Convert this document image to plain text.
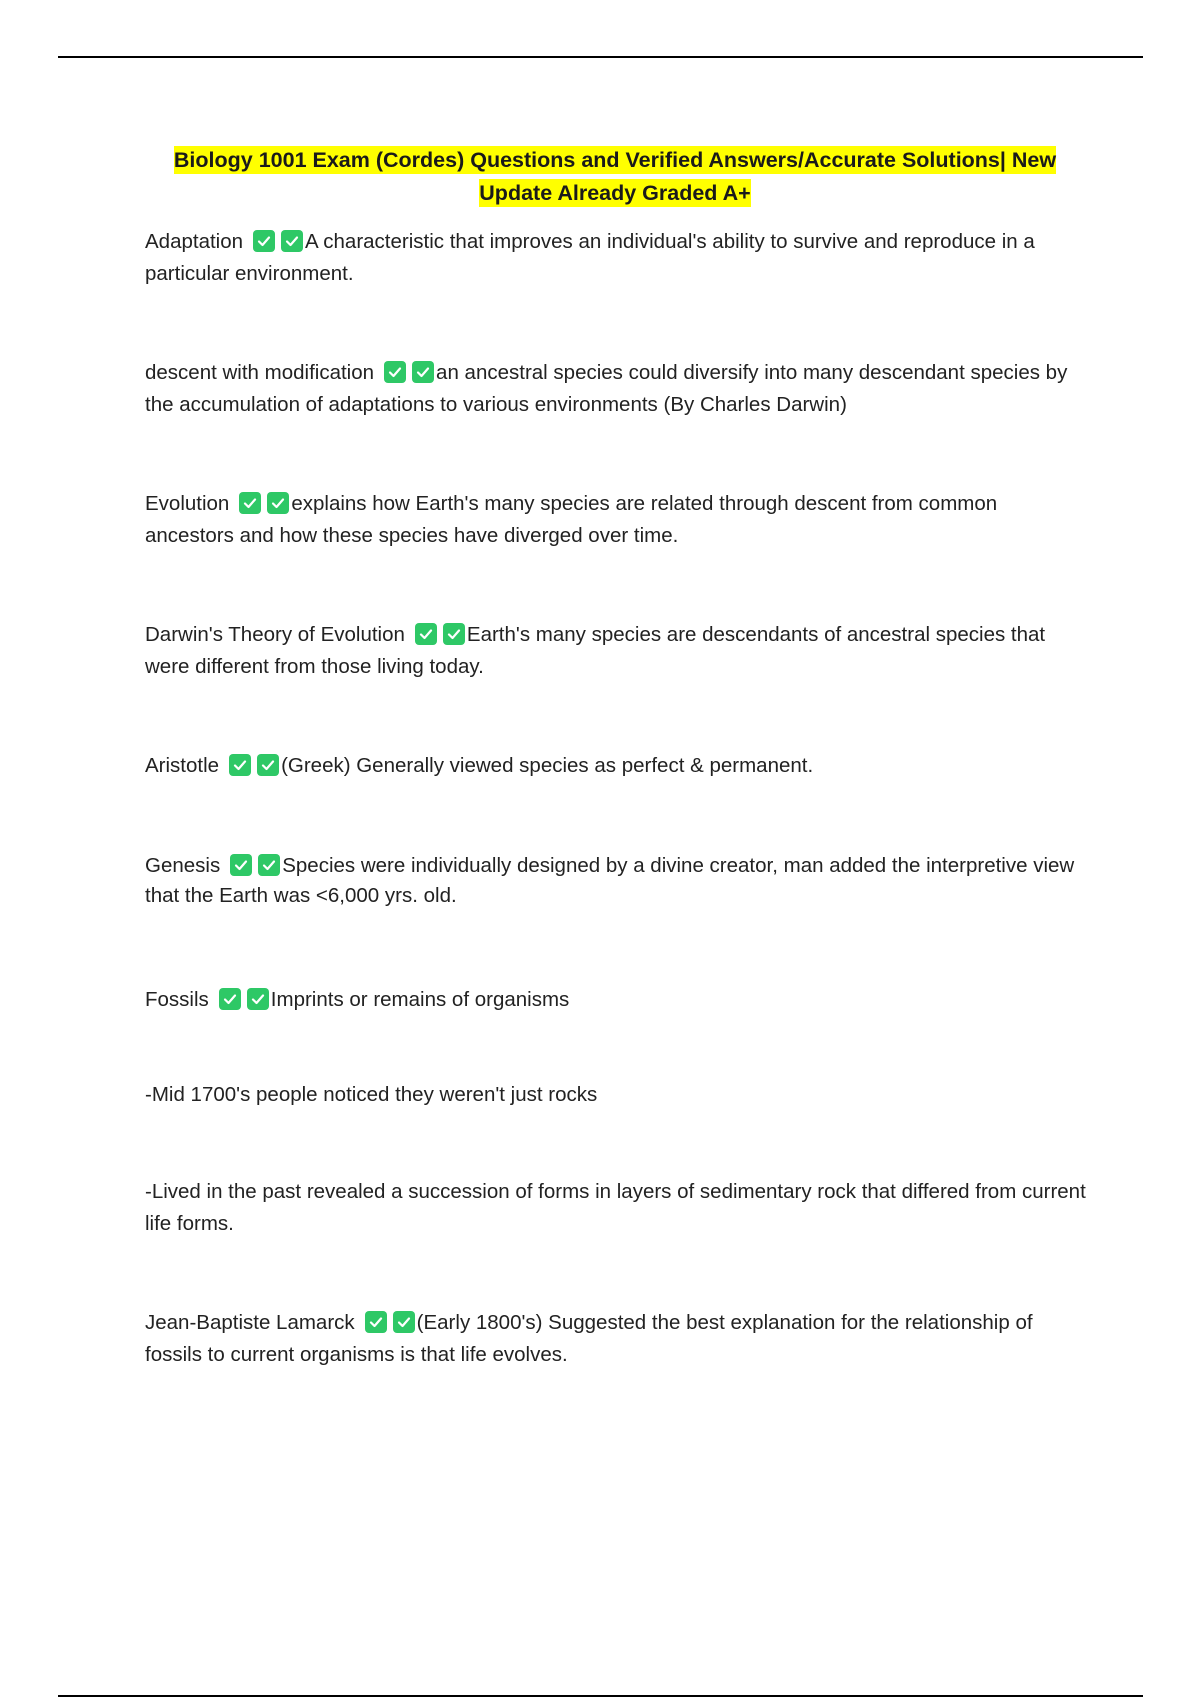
Biology 1001 Exam (Cordes) Questions and Verified Answers/Accurate Solutions| New
Update Already Graded A+
Adaptation	A characteristic that improves an individual's ability to survive and reproduce in a particular environment.
descent with modification	an ancestral species could diversify into many descendant species by the accumulation of adaptations to various environments (By Charles Darwin)
Evolution	explains how Earth's many species are related through descent from common ancestors and how these species have diverged over time.
Darwin's Theory of Evolution	Earth's many species are descendants of ancestral species that were different from those living today.
Aristotle	(Greek) Generally viewed species as perfect & permanent.
Genesis	Species were individually designed by a divine creator, man added the interpretive view that the Earth was <6,000 yrs. old.
Fossils	Imprints or remains of organisms
-Mid 1700's people noticed they weren't just rocks
-Lived in the past revealed a succession of forms in layers of sedimentary rock that differed from current life forms.
Jean-Baptiste Lamarck	(Early 1800's) Suggested the best explanation for the relationship of fossils to current organisms is that life evolves.
